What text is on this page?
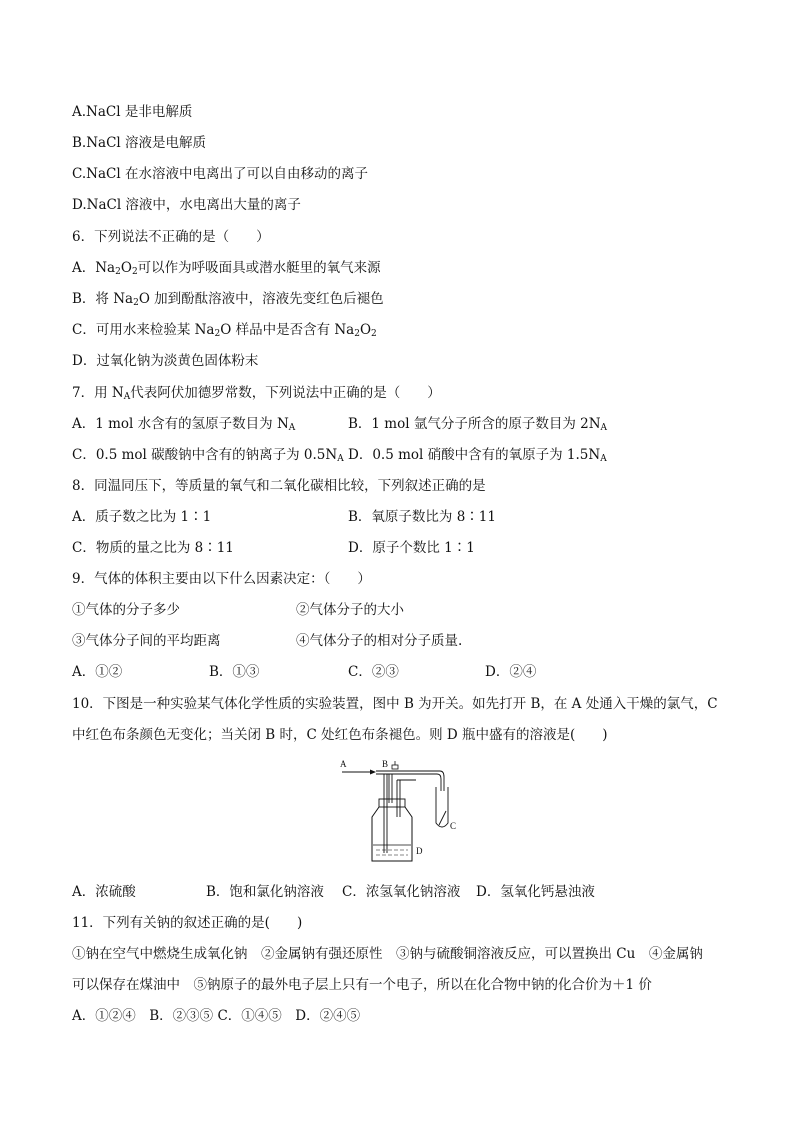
A.NaCl 是非电解质
B.NaCl 溶液是电解质
C.NaCl 在水溶液中电离出了可以自由移动的离子
D.NaCl 溶液中，水电离出大量的离子
6．下列说法不正确的是（　　）
A．$Na_2O_2$可以作为呼吸面具或潜水艇里的氧气来源
B．将 $Na_2O$ 加到酚酞溶液中，溶液先变红色后褪色
C．可用水来检验某 $Na_2O$ 样品中是否含有 $Na_2O_2$
D．过氧化钠为淡黄色固体粉末
7．用 $N_A$代表阿伏加德罗常数，下列说法中正确的是（　　）
A．1 mol 水含有的氢原子数目为 $N_A$	B．1 mol 氩气分子所含的原子数目为 $2N_A$
C．0.5 mol 碳酸钠中含有的钠离子为 $0.5N_A$ D．0.5 mol 硝酸中含有的氧原子为 $1.5N_A$
8．同温同压下，等质量的氧气和二氧化碳相比较，下列叙述正确的是
A．质子数之比为 1∶1	B．氧原子数比为 8∶11
C．物质的量之比为 8∶11	D．原子个数比 1∶1
9．气体的体积主要由以下什么因素决定：（　　）
①气体的分子多少	②气体分子的大小
③气体分子间的平均距离	④气体分子的相对分子质量.
A．①②	B．①③	C．②③	D．②④
10．下图是一种实验某气体化学性质的实验装置，图中 B 为开关。如先打开 B，在 A 处通入干燥的氯气，C
中红色布条颜色无变化；当关闭 B 时，C 处红色布条褪色。则 D 瓶中盛有的溶液是(　　)
A	B
C
D
A．浓硫酸	B．饱和氯化钠溶液 C．浓氢氧化钠溶液 D．氢氧化钙悬浊液
11．下列有关钠的叙述正确的是(　　)
①钠在空气中燃烧生成氧化钠　②金属钠有强还原性　③钠与硫酸铜溶液反应，可以置换出 Cu　④金属钠
可以保存在煤油中　⑤钠原子的最外电子层上只有一个电子，所以在化合物中钠的化合价为＋1 价
A．①②④　B．②③⑤ C．①④⑤　D．②④⑤
